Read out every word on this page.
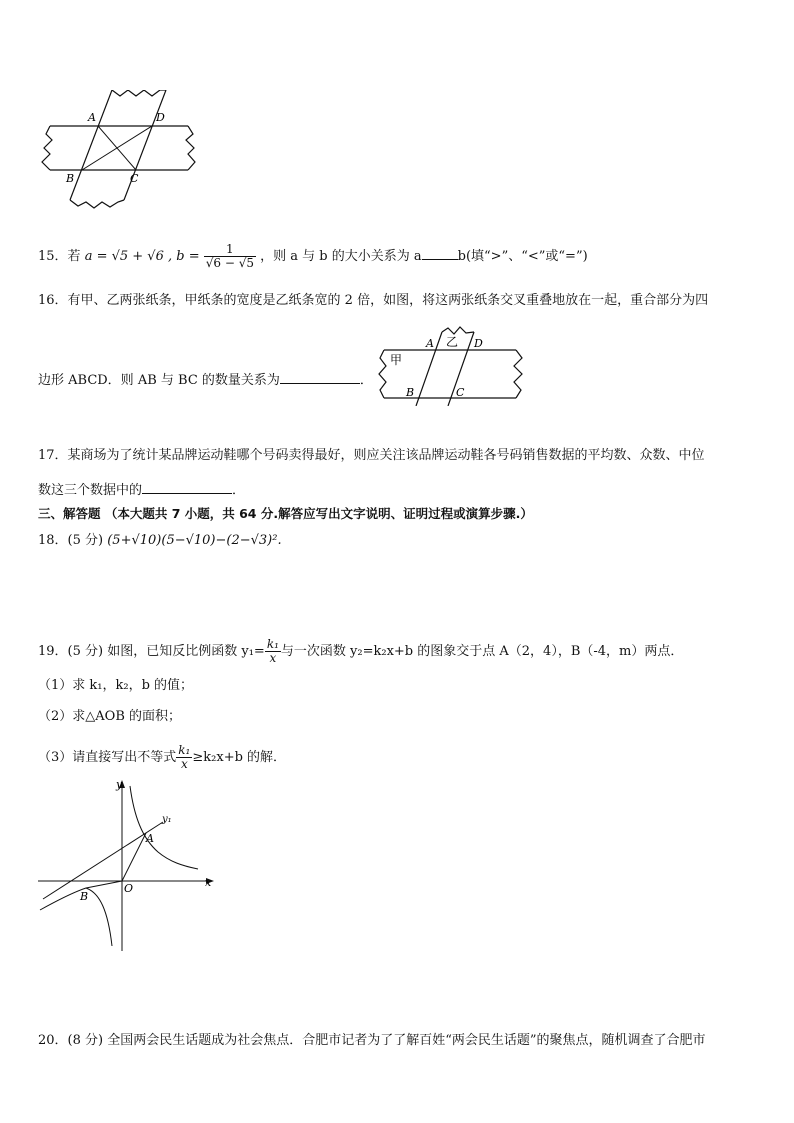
A	D
B	C
15．若 a = √5 + √6 , $b = \frac{1}{√6 - √5}$ ，则 a 与 b 的大小关系为 a	b(填“>”、“<”或“=”)
16．有甲、乙两张纸条，甲纸条的宽度是乙纸条宽的 2 倍，如图，将这两张纸条交叉重叠地放在一起，重合部分为四
边形 ABCD．则 AB 与 BC 的数量关系为	．
甲
乙
A	D
B	C
17．某商场为了统计某品牌运动鞋哪个号码卖得最好，则应关注该品牌运动鞋各号码销售数据的平均数、众数、中位
数这三个数据中的	．
三、解答题 （本大题共 7 小题，共 64 分.解答应写出文字说明、证明过程或演算步骤.）
18．(5 分) (5+√10)(5−√10)−(2−√3)².
19．(5 分) 如图，已知反比例函数 $y_1= \frac{\text{k₁}}{x}$ 与一次函数 y₂=k₂x+b 的图象交于点 A（2，4），B（-4，m）两点．
（1）求 k₁，k₂，b 的值；
（2）求△AOB 的面积；
（3）请直接写出不等式 $\frac{\text{k₁}}{x} \ge k_2x+b$ 的解．
y
x
O
A
B
y₁
20．(8 分) 全国两会民生话题成为社会焦点．合肥市记者为了了解百姓“两会民生话题”的聚焦点，随机调查了合肥市
